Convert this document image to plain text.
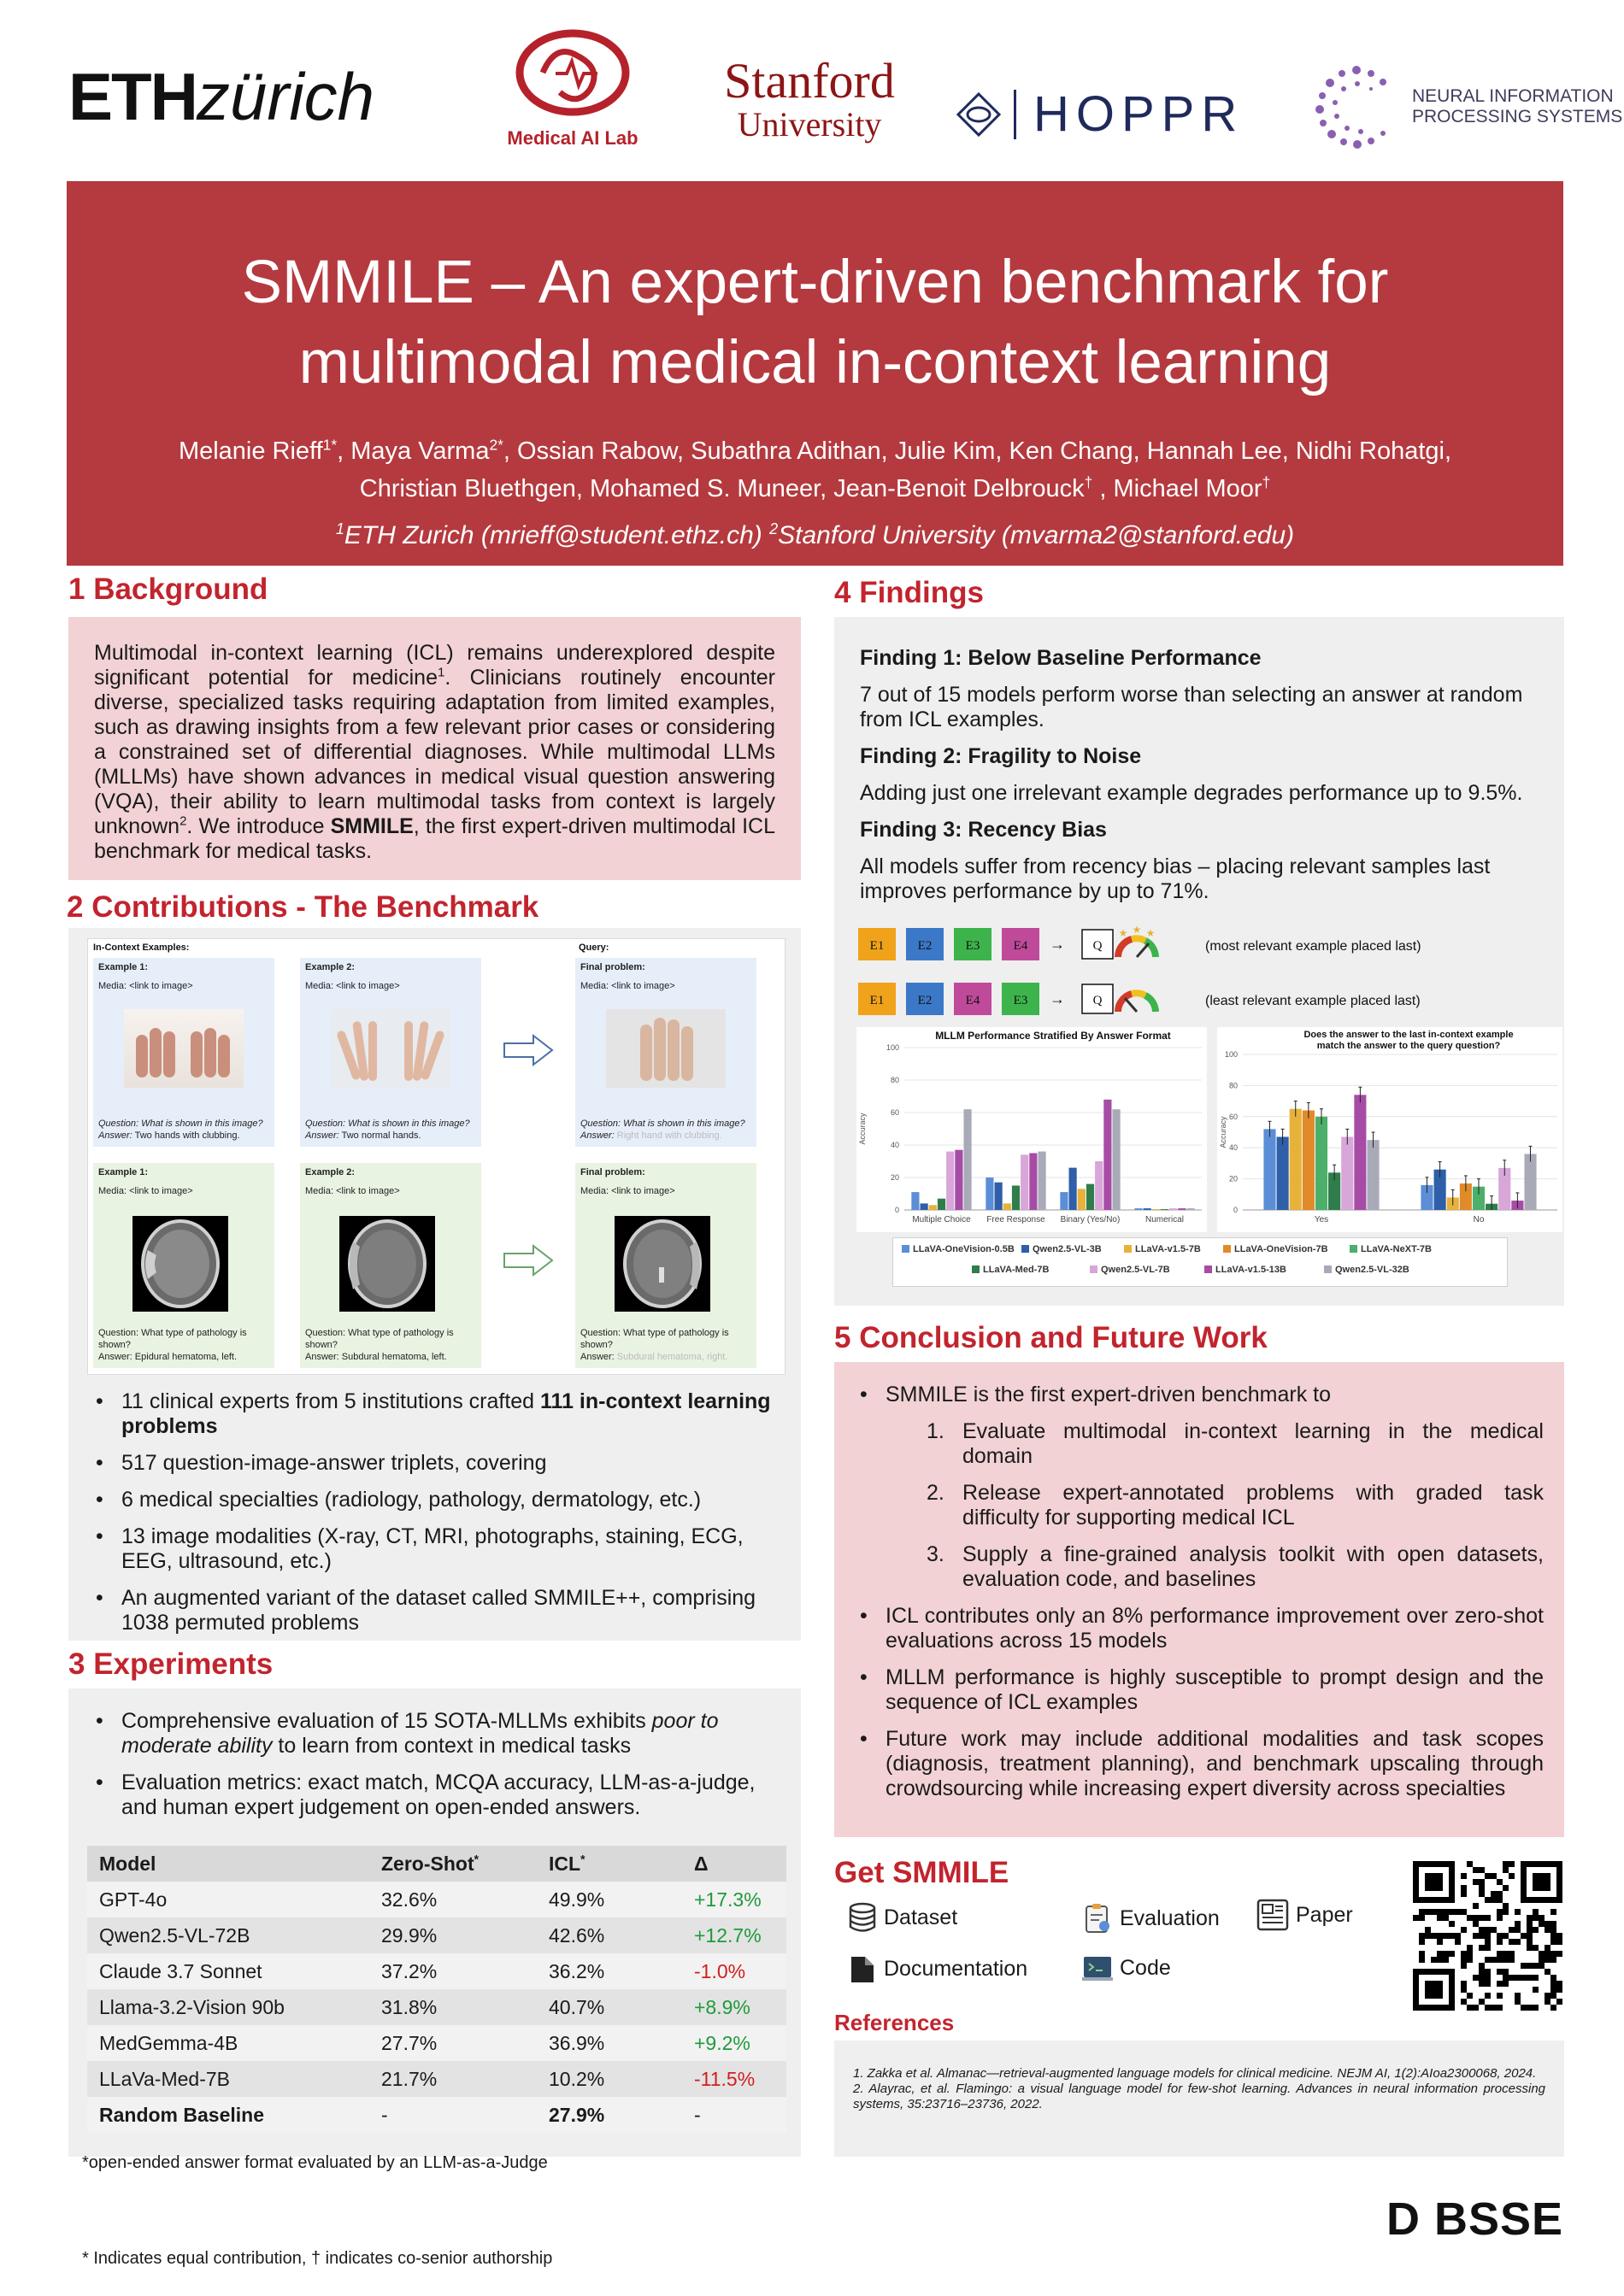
ETHzürich
Medical AI Lab
Stanford
University	HOPPR	NEURAL INFORMATION
PROCESSING SYSTEMS
SMMILE – An expert-driven benchmark for
multimodal medical in-context learning
Melanie Rieff$^{1*}$, Maya Varma$^{2*}$, Ossian Rabow, Subathra Adithan, Julie Kim, Ken Chang, Hannah Lee, Nidhi Rohatgi, Christian Bluethgen, Mohamed S. Muneer, Jean-Benoit Delbrouck† , Michael Moor†
$^1$ETH Zurich (mrieff@student.ethz.ch) $^2$Stanford University (mvarma2@stanford.edu)
1 Background
Multimodal in-context learning (ICL) remains underexplored despite significant potential for medicine$^1$. Clinicians routinely encounter diverse, specialized tasks requiring adaptation from limited examples, such as drawing insights from a few relevant prior cases or considering a constrained set of differential diagnoses. While multimodal LLMs (MLLMs) have shown advances in medical visual question answering (VQA), their ability to learn multimodal tasks from context is largely unknown$^2$. We introduce SMMILE, the first expert-driven multimodal ICL benchmark for medical tasks.
2 Contributions - The Benchmark
In-Context Examples:	Query:
Example 1:
Media: <link to image>
Question: What is shown in this image?
Answer: Two hands with clubbing.
Example 2:
Media: <link to image>
Question: What is shown in this image?
Answer: Two normal hands.
Final problem:
Media: <link to image>
Question: What is shown in this image?
Answer: Right hand with clubbing.
Example 1:
Media: <link to image>
Question: What type of pathology is shown?
Answer: Epidural hematoma, left.
Example 2:
Media: <link to image>
Question: What type of pathology is shown?
Answer: Subdural hematoma, left.
Final problem:
Media: <link to image>
Question: What type of pathology is shown?
Answer: Subdural hematoma, right.
• 11 clinical experts from 5 institutions crafted 111 in-context learning problems
• 517 question-image-answer triplets, covering
• 6 medical specialties (radiology, pathology, dermatology, etc.)
• 13 image modalities (X-ray, CT, MRI, photographs, staining, ECG, EEG, ultrasound, etc.)
• An augmented variant of the dataset called SMMILE++, comprising 1038 permuted problems
3 Experiments
• Comprehensive evaluation of 15 SOTA-MLLMs exhibits poor to moderate ability to learn from context in medical tasks
• Evaluation metrics: exact match, MCQA accuracy, LLM-as-a-judge, and human expert judgement on open-ended answers.
Model	Zero-Shot*	ICL*	Δ
GPT-4o	32.6%	49.9%	+17.3%
Qwen2.5-VL-72B	29.9%	42.6%	+12.7%
Claude 3.7 Sonnet	37.2%	36.2%	-1.0%
Llama-3.2-Vision 90b	31.8%	40.7%	+8.9%
MedGemma-4B	27.7%	36.9%	+9.2%
LLaVa-Med-7B	21.7%	10.2%	-11.5%
Random Baseline	-	27.9%	-
*open-ended answer format evaluated by an LLM-as-a-Judge
4 Findings
Finding 1: Below Baseline Performance
7 out of 15 models perform worse than selecting an answer at random from ICL examples.
Finding 2: Fragility to Noise
Adding just one irrelevant example degrades performance up to 9.5%.
Finding 3: Recency Bias
All models suffer from recency bias – placing relevant samples last improves performance by up to 71%.
E1	E2	E3	E4 → Q
★ ★ ★
(most relevant example placed last)
E1	E2	E4	E3 → Q	(least relevant example placed last)
MLLM Performance Stratified By Answer Format
0
20
40
60
80
100
Accuracy
Multiple Choice Free Response Binary (Yes/No)	Numerical
Does the answer to the last in-context example
match the answer to the query question?
0
20
40
60
80
100
Accuracy
Yes	No
LLaVA-OneVision-0.5B Qwen2.5-VL-3B	LLaVA-v1.5-7B	LLaVA-OneVision-7B	LLaVA-NeXT-7B
LLaVA-Med-7B	Qwen2.5-VL-7B	LLaVA-v1.5-13B	Qwen2.5-VL-32B
5 Conclusion and Future Work
• SMMILE is the first expert-driven benchmark to
1. Evaluate multimodal in-context learning in the medical domain
2. Release expert-annotated problems with graded task difficulty for supporting medical ICL
3. Supply a fine-grained analysis toolkit with open datasets, evaluation code, and baselines
• ICL contributes only an 8% performance improvement over zero-shot evaluations across 15 models
• MLLM performance is highly susceptible to prompt design and the sequence of ICL examples
• Future work may include additional modalities and task scopes (diagnosis, treatment planning), and benchmark upscaling through crowdsourcing while increasing expert diversity across specialties
Get SMMILE
Dataset	Evaluation	Paper
Documentation	Code
References
1. Zakka et al. Almanac—retrieval-augmented language models for clinical medicine. NEJM AI, 1(2):AIoa2300068, 2024.
2. Alayrac, et al. Flamingo: a visual language model for few-shot learning. Advances in neural information processing systems, 35:23716–23736, 2022.
* Indicates equal contribution, † indicates co-senior authorship
D BSSE
